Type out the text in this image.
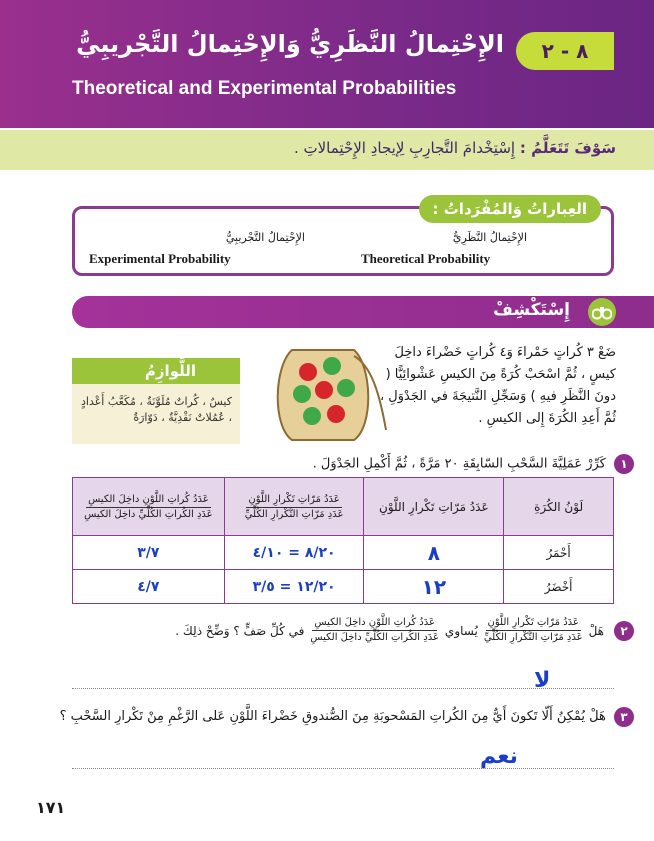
٨ - ٢
الإِحْتِمالُ النَّظَرِيُّ وَالإِحْتِمالُ التَّجْريبِيُّ
Theoretical and Experimental Probabilities
سَوْفَ تَتَعَلَّمُ : إِسْتِخْدامَ التَّجارِبِ لِإيجادِ الإِحْتِمالاتِ .
العِباراتُ وَالمُفْرَداتُ :
الإِحْتِمالُ النَّظَرِيُّ
Theoretical Probability
الإِحْتِمالُ التَّجْريبِيُّ
Experimental Probability
إِسْتَكْشِفْ
اللَّوازِمُ
كيسٌ ، كُراتٌ مُلَوَّنَةٌ ، مُكَعَّبُ أَعْدادٍ ، عُمُلاتٌ نَقْدِيَّةٌ ، دَوّارَةٌ
ضَعْ ٣ كُراتٍ حَمْراءَ وَ٤ كُراتٍ خَضْراءَ داخِلَ كيسٍ ، ثُمَّ اسْحَبْ كُرَةً مِنَ الكيسِ عَشْوائِيًّا ( دونَ النَّظَرِ فيهِ ) وَسَجِّلِ النَّتيجَةَ في الجَدْوَلِ ، ثُمَّ أَعِدِ الكُرَةَ إِلى الكيسِ .
١ كَرِّرْ عَمَلِيَّةَ السَّحْبِ السّابِقَةِ ٢٠ مَرَّةً ، ثُمَّ أَكْمِلِ الجَدْوَلَ .
لَوْنُ الكُرَةِ	عَدَدُ مَرّاتِ تَكْرارِ اللَّوْنِ	$\frac{\text{عَدَدُ مَرّاتِ تَكْرارِ اللَّوْنِ}}{\text{عَدَدِ مَرّاتِ التَّكْرارِ الكُلِّيِّ}}$	$\frac{\text{عَدَدُ كُراتِ اللَّوْنِ داخِلَ الكيسِ}}{\text{عَدَدِ الكُراتِ الكُلِّيِّ داخِلَ الكيسِ}}$

أَحْمَرُ	٨	٨/٢٠ = ٤/١٠	٣/٧
أَخْضَرُ	١٢	١٢/٢٠ = ٣/٥	٤/٧
٢
هَلْ
$\frac{\text{عَدَدُ مَرّاتِ تَكْرارِ اللَّوْنِ}}{\text{عَدَدِ مَرّاتِ التَّكْرارِ الكُلِّيِّ}}$
يُساوي
$\frac{\text{عَدَدُ كُراتِ اللَّوْنِ داخِلَ الكيسِ}}{\text{عَدَدِ الكُراتِ الكُلِّيِّ داخِلَ الكيسِ}}$
في كُلِّ صَفٍّ ؟ وَضِّحْ ذلِكَ .
لا
٣ هَلْ يُمْكِنُ أَلّا تَكونَ أَيٌّ مِنَ الكُراتِ المَسْحوبَةِ مِنَ الصُّندوقِ خَضْراءَ اللَّوْنِ عَلى الرَّغْمِ مِنْ تَكْرارِ السَّحْبِ ؟
نعم
١٧١
